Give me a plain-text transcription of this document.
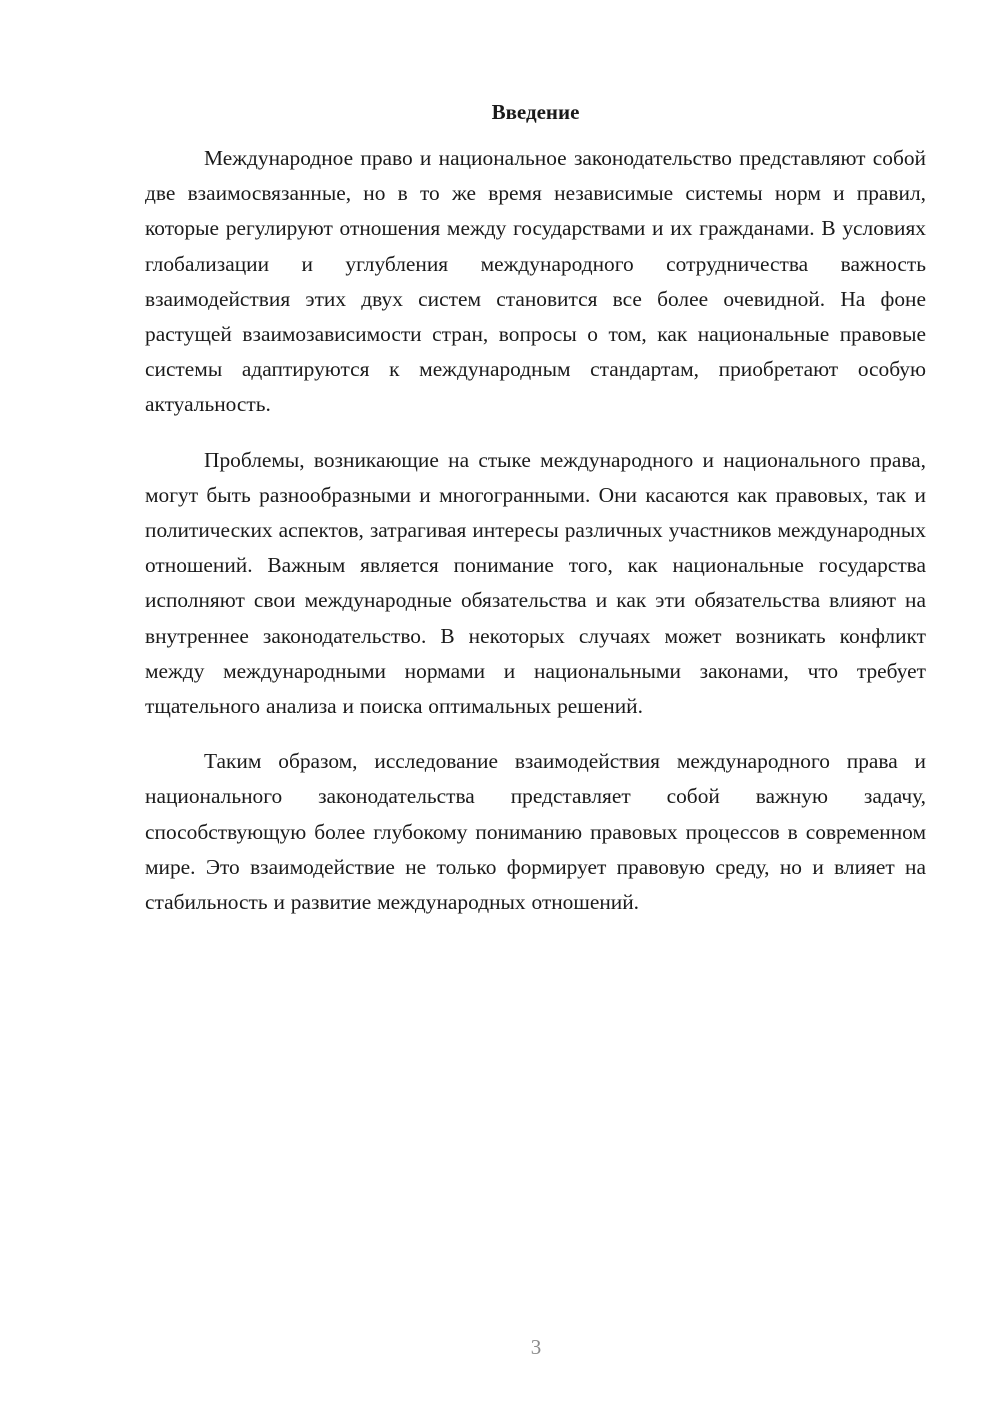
Введение

Международное право и национальное законодательство представляют собой две взаимосвязанные, но в то же время независимые системы норм и правил, которые регулируют отношения между государствами и их гражданами. В условиях глобализации и углубления международного сотрудничества важность взаимодействия этих двух систем становится все более очевидной. На фоне растущей взаимозависимости стран, вопросы о том, как национальные правовые системы адаптируются к международным стандартам, приобретают особую актуальность.

Проблемы, возникающие на стыке международного и национального права, могут быть разнообразными и многогранными. Они касаются как правовых, так и политических аспектов, затрагивая интересы различных участников международных отношений. Важным является понимание того, как национальные государства исполняют свои международные обязательства и как эти обязательства влияют на внутреннее законодательство. В некоторых случаях может возникать конфликт между международными нормами и национальными законами, что требует тщательного анализа и поиска оптимальных решений.

Таким образом, исследование взаимодействия международного права и национального законодательства представляет собой важную задачу, способствующую более глубокому пониманию правовых процессов в современном мире. Это взаимодействие не только формирует правовую среду, но и влияет на стабильность и развитие международных отношений.

3
